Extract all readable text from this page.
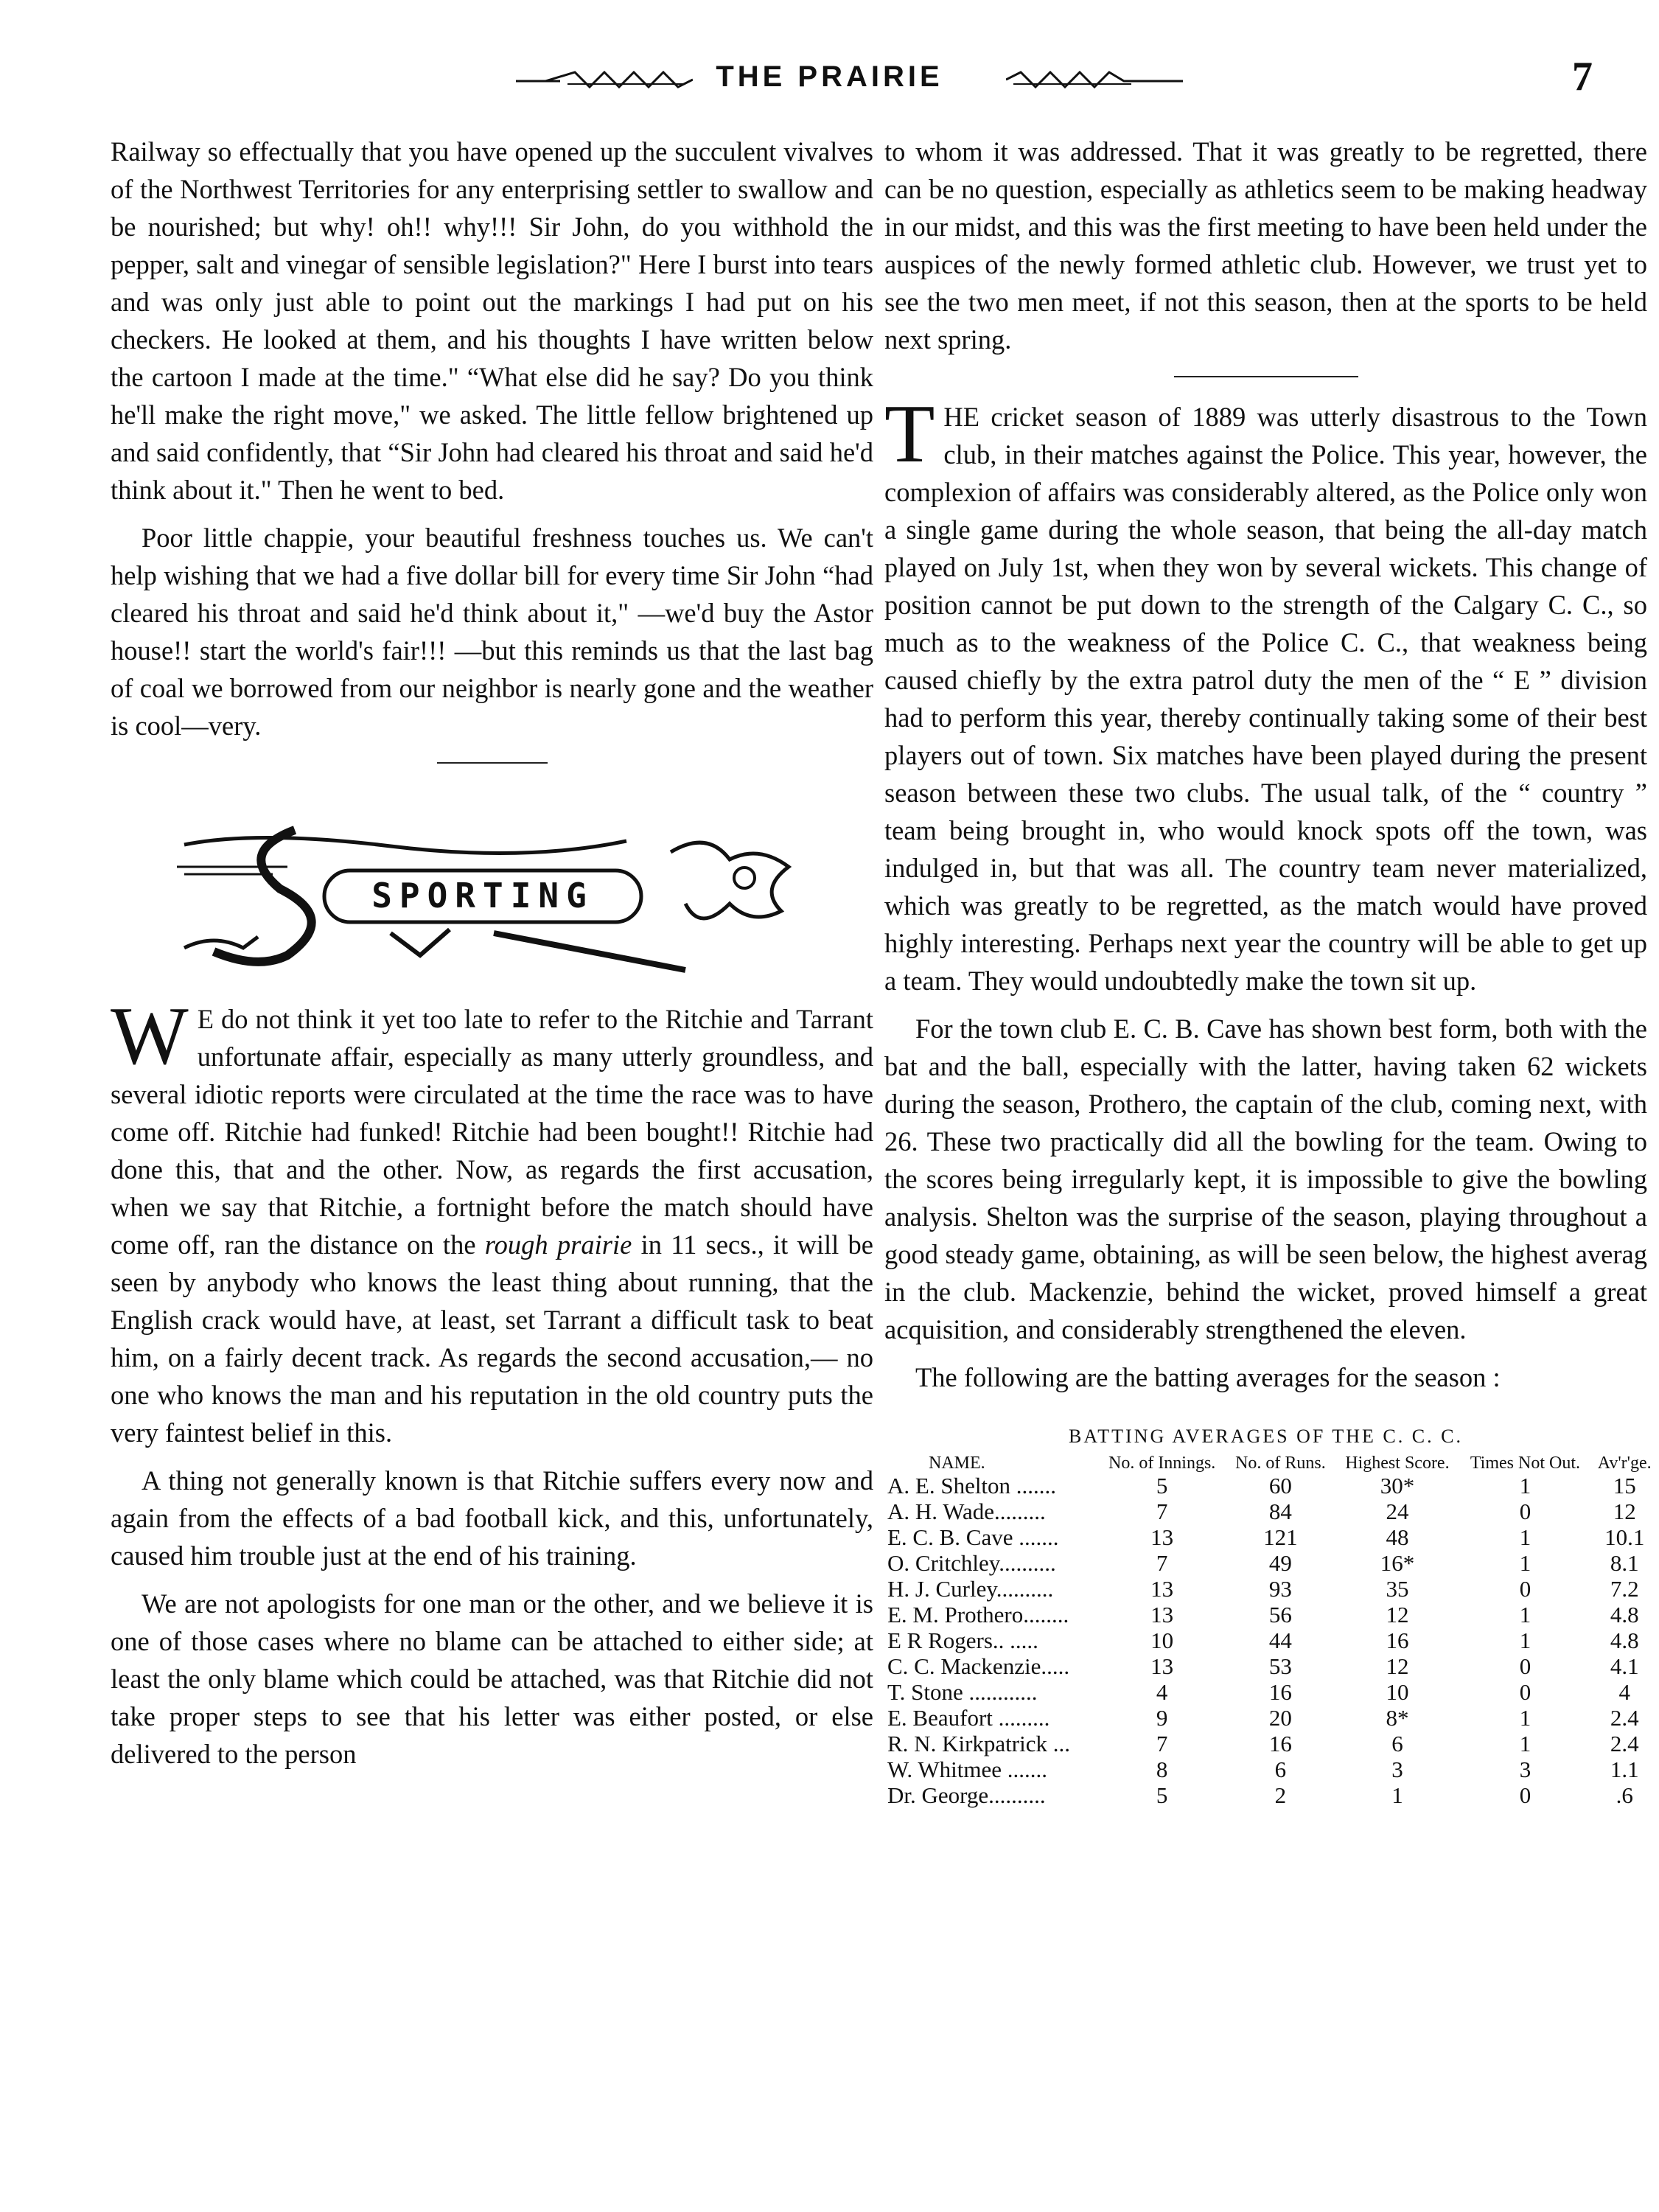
THE PRAIRIE	7

Railway so effectually that you have opened up the succulent vivalves of the Northwest Territories for any enterprising settler to swallow and be nourished; but why! oh!! why!!! Sir John, do you withhold the pepper, salt and vinegar of sensible legislation?" Here I burst into tears and was only just able to point out the markings I had put on his checkers. He looked at them, and his thoughts I have written below the cartoon I made at the time." “What else did he say? Do you think he'll make the right move," we asked. The little fellow brightened up and said confidently, that “Sir John had cleared his throat and said he'd think about it." Then he went to bed.

Poor little chappie, your beautiful freshness touches us. We can't help wishing that we had a five dollar bill for every time Sir John “had cleared his throat and said he'd think about it," —we'd buy the Astor house!! start the world's fair!!! —but this reminds us that the last bag of coal we borrowed from our neighbor is nearly gone and the weather is cool—very.

SPORTING

W E do not think it yet too late to refer to the Ritchie and Tarrant unfortunate affair, especially as many utterly groundless, and several idiotic reports were circulated at the time the race was to have come off. Ritchie had funked! Ritchie had been bought!! Ritchie had done this, that and the other. Now, as regards the first accusation, when we say that Ritchie, a fortnight before the match should have come off, ran the distance on the rough prairie in 11 secs., it will be seen by anybody who knows the least thing about running, that the English crack would have, at least, set Tarrant a difficult task to beat him, on a fairly decent track. As regards the second accusation,— no one who knows the man and his reputation in the old country puts the very faintest belief in this.

A thing not generally known is that Ritchie suffers every now and again from the effects of a bad football kick, and this, unfortunately, caused him trouble just at the end of his training.

We are not apologists for one man or the other, and we believe it is one of those cases where no blame can be attached to either side; at least the only blame which could be attached, was that Ritchie did not take proper steps to see that his letter was either posted, or else delivered to the person

to whom it was addressed. That it was greatly to be regretted, there can be no question, especially as athletics seem to be making headway in our midst, and this was the first meeting to have been held under the auspices of the newly formed athletic club. However, we trust yet to see the two men meet, if not this season, then at the sports to be held next spring.

THE cricket season of 1889 was utterly disastrous to the Town club, in their matches against the Police. This year, however, the complexion of affairs was considerably altered, as the Police only won a single game during the whole season, that being the all-day match played on July 1st, when they won by several wickets. This change of position cannot be put down to the strength of the Calgary C. C., so much as to the weakness of the Police C. C., that weakness being caused chiefly by the extra patrol duty the men of the “ E ” division had to perform this year, thereby continually taking some of their best players out of town. Six matches have been played during the present season between these two clubs. The usual talk, of the “ country ” team being brought in, who would knock spots off the town, was indulged in, but that was all. The country team never materialized, which was greatly to be regretted, as the match would have proved highly interesting. Perhaps next year the country will be able to get up a team. They would undoubtedly make the town sit up.

For the town club E. C. B. Cave has shown best form, both with the bat and the ball, especially with the latter, having taken 62 wickets during the season, Prothero, the captain of the club, coming next, with 26. These two practically did all the bowling for the team. Owing to the scores being irregularly kept, it is impossible to give the bowling analysis. Shelton was the surprise of the season, playing throughout a good steady game, obtaining, as will be seen below, the highest averag in the club. Mackenzie, behind the wicket, proved himself a great acquisition, and considerably strengthened the eleven.

The following are the batting averages for the season :

BATTING AVERAGES OF THE C. C. C.
NAME.	No. of Innings.	No. of Runs.	Highest Score.	Times Not Out.	Av'r'ge.
A. E. Shelton .......	5	60	30*	1	15
A. H. Wade.........	7	84	24	0	12
E. C. B. Cave .......	13	121	48	1	10.1
O. Critchley..........	7	49	16*	1	8.1
H. J. Curley..........	13	93	35	0	7.2
E. M. Prothero........	13	56	12	1	4.8
E R Rogers.. .....	10	44	16	1	4.8
C. C. Mackenzie.....	13	53	12	0	4.1
T. Stone ............	4	16	10	0	4
E. Beaufort .........	9	20	8*	1	2.4
R. N. Kirkpatrick ...	7	16	6	1	2.4
W. Whitmee .......	8	6	3	3	1.1
Dr. George..........	5	2	1	0	.6
